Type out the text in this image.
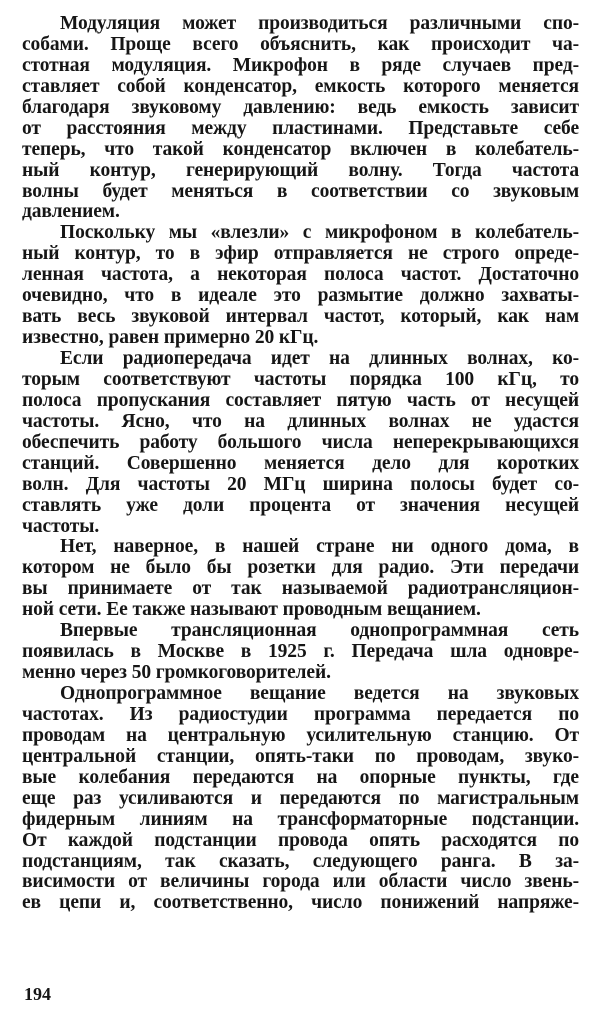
Модуляция может производиться различными спо-
собами. Проще всего объяснить, как происходит ча-
стотная модуляция. Микрофон в ряде случаев пред-
ставляет собой конденсатор, емкость которого меняется
благодаря звуковому давлению: ведь емкость зависит
от расстояния между пластинами. Представьте себе
теперь, что такой конденсатор включен в колебатель-
ный контур, генерирующий волну. Тогда частота
волны будет меняться в соответствии со звуковым
давлением.
Поскольку мы «влезли» с микрофоном в колебатель-
ный контур, то в эфир отправляется не строго опреде-
ленная частота, а некоторая полоса частот. Достаточно
очевидно, что в идеале это размытие должно захваты-
вать весь звуковой интервал частот, который, как нам
известно, равен примерно 20 кГц.
Если радиопередача идет на длинных волнах, ко-
торым соответствуют частоты порядка 100 кГц, то
полоса пропускания составляет пятую часть от несущей
частоты. Ясно, что на длинных волнах не удастся
обеспечить работу большого числа неперекрывающихся
станций. Совершенно меняется дело для коротких
волн. Для частоты 20 МГц ширина полосы будет со-
ставлять уже доли процента от значения несущей
частоты.
Нет, наверное, в нашей стране ни одного дома, в
котором не было бы розетки для радио. Эти передачи
вы принимаете от так называемой радиотрансляцион-
ной сети. Ее также называют проводным вещанием.
Впервые трансляционная однопрограммная сеть
появилась в Москве в 1925 г. Передача шла одновре-
менно через 50 громкоговорителей.
Однопрограммное вещание ведется на звуковых
частотах. Из радиостудии программа передается по
проводам на центральную усилительную станцию. От
центральной станции, опять-таки по проводам, звуко-
вые колебания передаются на опорные пункты, где
еще раз усиливаются и передаются по магистральным
фидерным линиям на трансформаторные подстанции.
От каждой подстанции провода опять расходятся по
подстанциям, так сказать, следующего ранга. В за-
висимости от величины города или области число звень-
ев цепи и, соответственно, число понижений напряже-
194
